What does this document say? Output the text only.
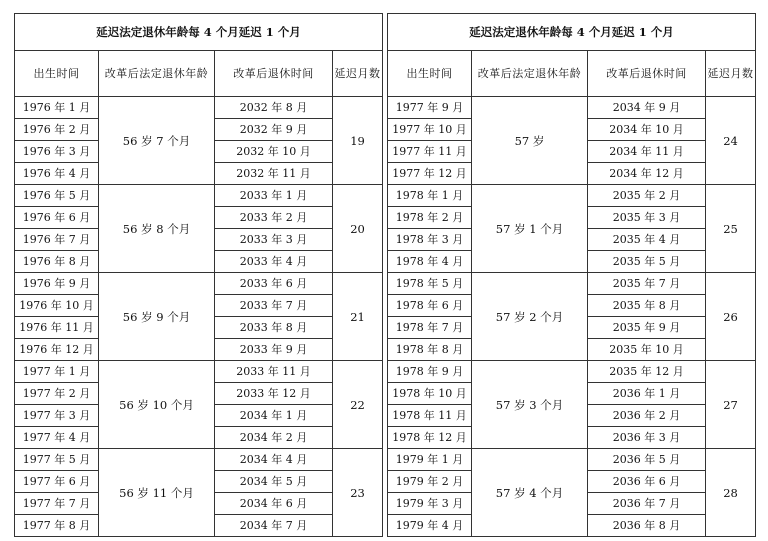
延迟法定退休年龄每 4 个月延迟 1 个月			
出生时间	改革后法定退休年龄	改革后退休时间	延迟月数
1976 年 1 月	56 岁 7 个月	2032 年 8 月	19
1976 年 2 月		2032 年 9 月	
1976 年 3 月		2032 年 10 月	
1976 年 4 月		2032 年 11 月	
1976 年 5 月	56 岁 8 个月	2033 年 1 月	20
1976 年 6 月		2033 年 2 月	
1976 年 7 月		2033 年 3 月	
1976 年 8 月		2033 年 4 月	
1976 年 9 月	56 岁 9 个月	2033 年 6 月	21
1976 年 10 月		2033 年 7 月	
1976 年 11 月		2033 年 8 月	
1976 年 12 月		2033 年 9 月	
1977 年 1 月	56 岁 10 个月	2033 年 11 月	22
1977 年 2 月		2033 年 12 月	
1977 年 3 月		2034 年 1 月	
1977 年 4 月		2034 年 2 月	
1977 年 5 月	56 岁 11 个月	2034 年 4 月	23
1977 年 6 月		2034 年 5 月	
1977 年 7 月		2034 年 6 月	
1977 年 8 月		2034 年 7 月	
延迟法定退休年龄每 4 个月延迟 1 个月			
出生时间	改革后法定退休年龄	改革后退休时间	延迟月数
1977 年 9 月	57 岁	2034 年 9 月	24
1977 年 10 月		2034 年 10 月	
1977 年 11 月		2034 年 11 月	
1977 年 12 月		2034 年 12 月	
1978 年 1 月	57 岁 1 个月	2035 年 2 月	25
1978 年 2 月		2035 年 3 月	
1978 年 3 月		2035 年 4 月	
1978 年 4 月		2035 年 5 月	
1978 年 5 月	57 岁 2 个月	2035 年 7 月	26
1978 年 6 月		2035 年 8 月	
1978 年 7 月		2035 年 9 月	
1978 年 8 月		2035 年 10 月	
1978 年 9 月	57 岁 3 个月	2035 年 12 月	27
1978 年 10 月		2036 年 1 月	
1978 年 11 月		2036 年 2 月	
1978 年 12 月		2036 年 3 月	
1979 年 1 月	57 岁 4 个月	2036 年 5 月	28
1979 年 2 月		2036 年 6 月	
1979 年 3 月		2036 年 7 月	
1979 年 4 月		2036 年 8 月	
